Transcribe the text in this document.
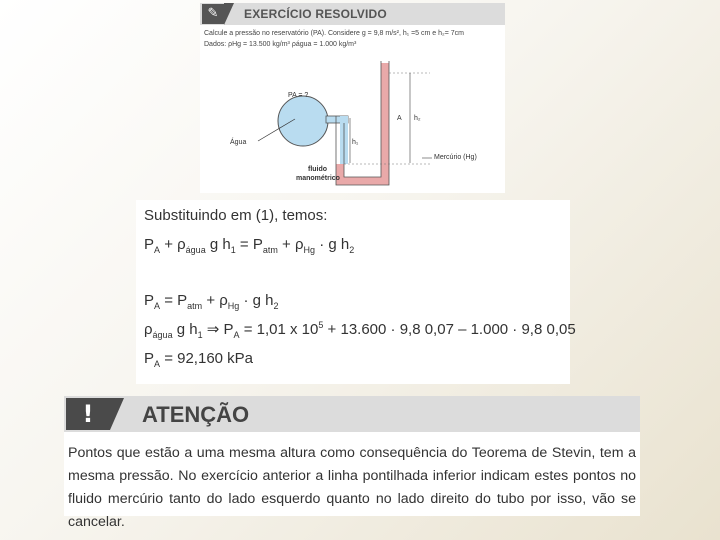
✎	EXERCÍCIO RESOLVIDO
Calcule a pressão no reservatório (PA). Considere g = 9,8 m/s², h₁ =5 cm e h₂= 7cm
Dados: ρHg = 13.500 kg/m³ ρágua = 1.000 kg/m³
PA = ?
Água
fluido
manométrico
h₁
h₂
A
Mercúrio (Hg)
Substituindo em (1), temos:
$P_A + \rho_{água}$ g $h_1 = P_{atm} + \rho_{Hg} \cdot g$ $h_2$
$P_A = P_{atm} + \rho_{Hg} \cdot g$ $h_2$
$\rho_{água}$ g $h_1$ ⇒ $P_A = 1,01$ x $10^5 + 13.600 \cdot 9,8$ 0,07 – 1.000 · 9,8 0,05
$P_A = 92,160$ kPa
!	ATENÇÃO
Pontos que estão a uma mesma altura como consequência do Teorema de Stevin, tem a mesma pressão. No exercício anterior a linha pontilhada inferior indicam estes pontos no fluido mercúrio tanto do lado esquerdo quanto no lado direito do tubo por isso, vão se cancelar.
